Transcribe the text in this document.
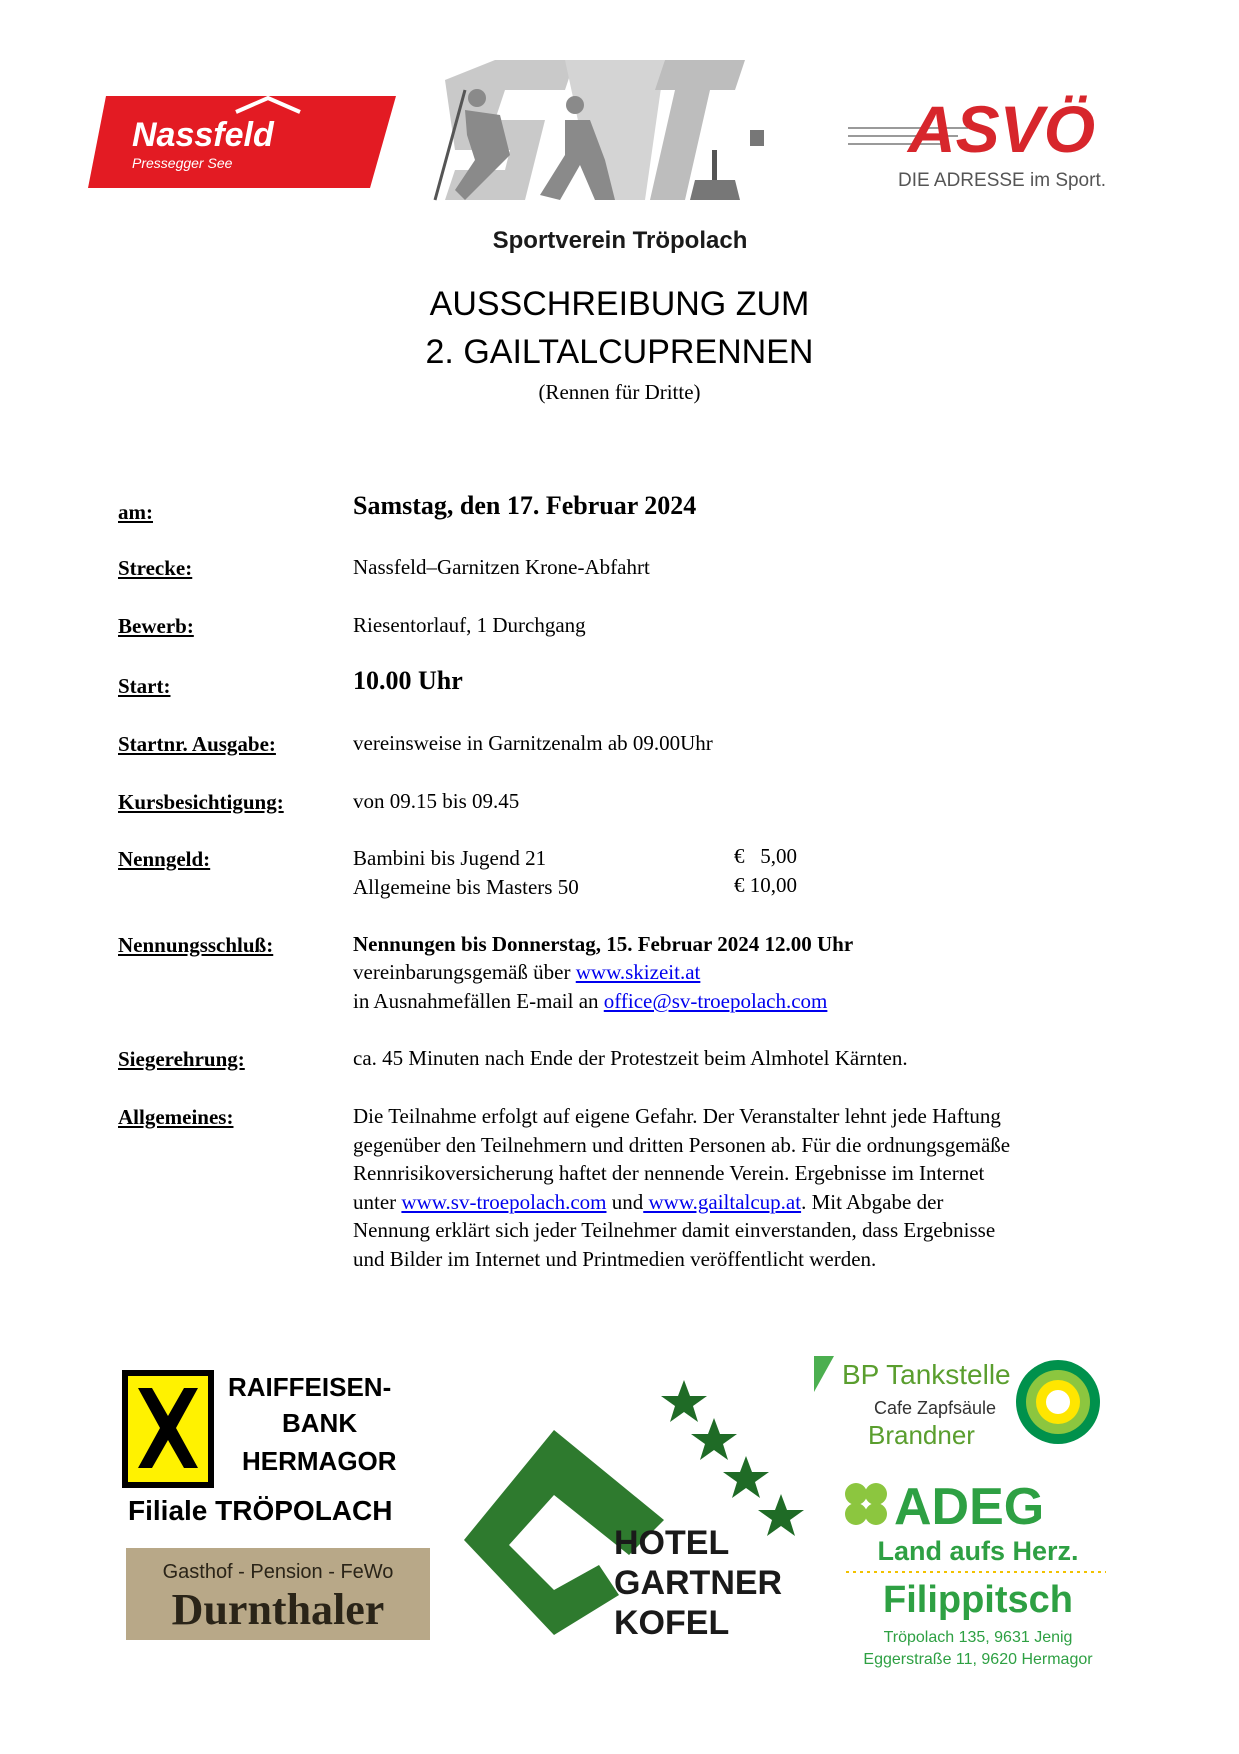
Nassfeld
Pressegger See
Sportverein Tröpolach
ASVÖ
DIE ADRESSE im Sport.
AUSSCHREIBUNG ZUM
2. GAILTALCUPRENNEN
(Rennen für Dritte)
am:	Samstag, den 17. Februar 2024
Strecke:	Nassfeld–Garnitzen Krone-Abfahrt
Bewerb:	Riesentorlauf, 1 Durchgang
Start:	10.00 Uhr
Startnr. Ausgabe:	vereinsweise in Garnitzenalm ab 09.00Uhr
Kursbesichtigung:	von 09.15 bis 09.45
Nenngeld:	Bambini bis Jugend 21	€   5,00
Allgemeine bis Masters 50	€ 10,00
Nennungsschluß:	Nennungen bis Donnerstag, 15. Februar 2024 12.00 Uhr
vereinbarungsgemäß über www.skizeit.at
in Ausnahmefällen E-mail an office@sv-troepolach.com
Siegerehrung:	ca. 45 Minuten nach Ende der Protestzeit beim Almhotel Kärnten.
Allgemeines:	Die Teilnahme erfolgt auf eigene Gefahr. Der Veranstalter lehnt jede Haftung
gegenüber den Teilnehmern und dritten Personen ab. Für die ordnungsgemäße
Rennrisikoversicherung haftet der nennende Verein. Ergebnisse im Internet
unter www.sv-troepolach.com und www.gailtalcup.at. Mit Abgabe der
Nennung erklärt sich jeder Teilnehmer damit einverstanden, dass Ergebnisse
und Bilder im Internet und Printmedien veröffentlicht werden.
RAIFFEISEN-
BANK
HERMAGOR
Filiale TRÖPOLACH
Gasthof - Pension - FeWo
Durnthaler
HOTEL
GARTNER
KOFEL
BP Tankstelle
Cafe Zapfsäule
Brandner
ADEG
Land aufs Herz.
Filippitsch
Tröpolach 135, 9631 Jenig
Eggerstraße 11, 9620 Hermagor
